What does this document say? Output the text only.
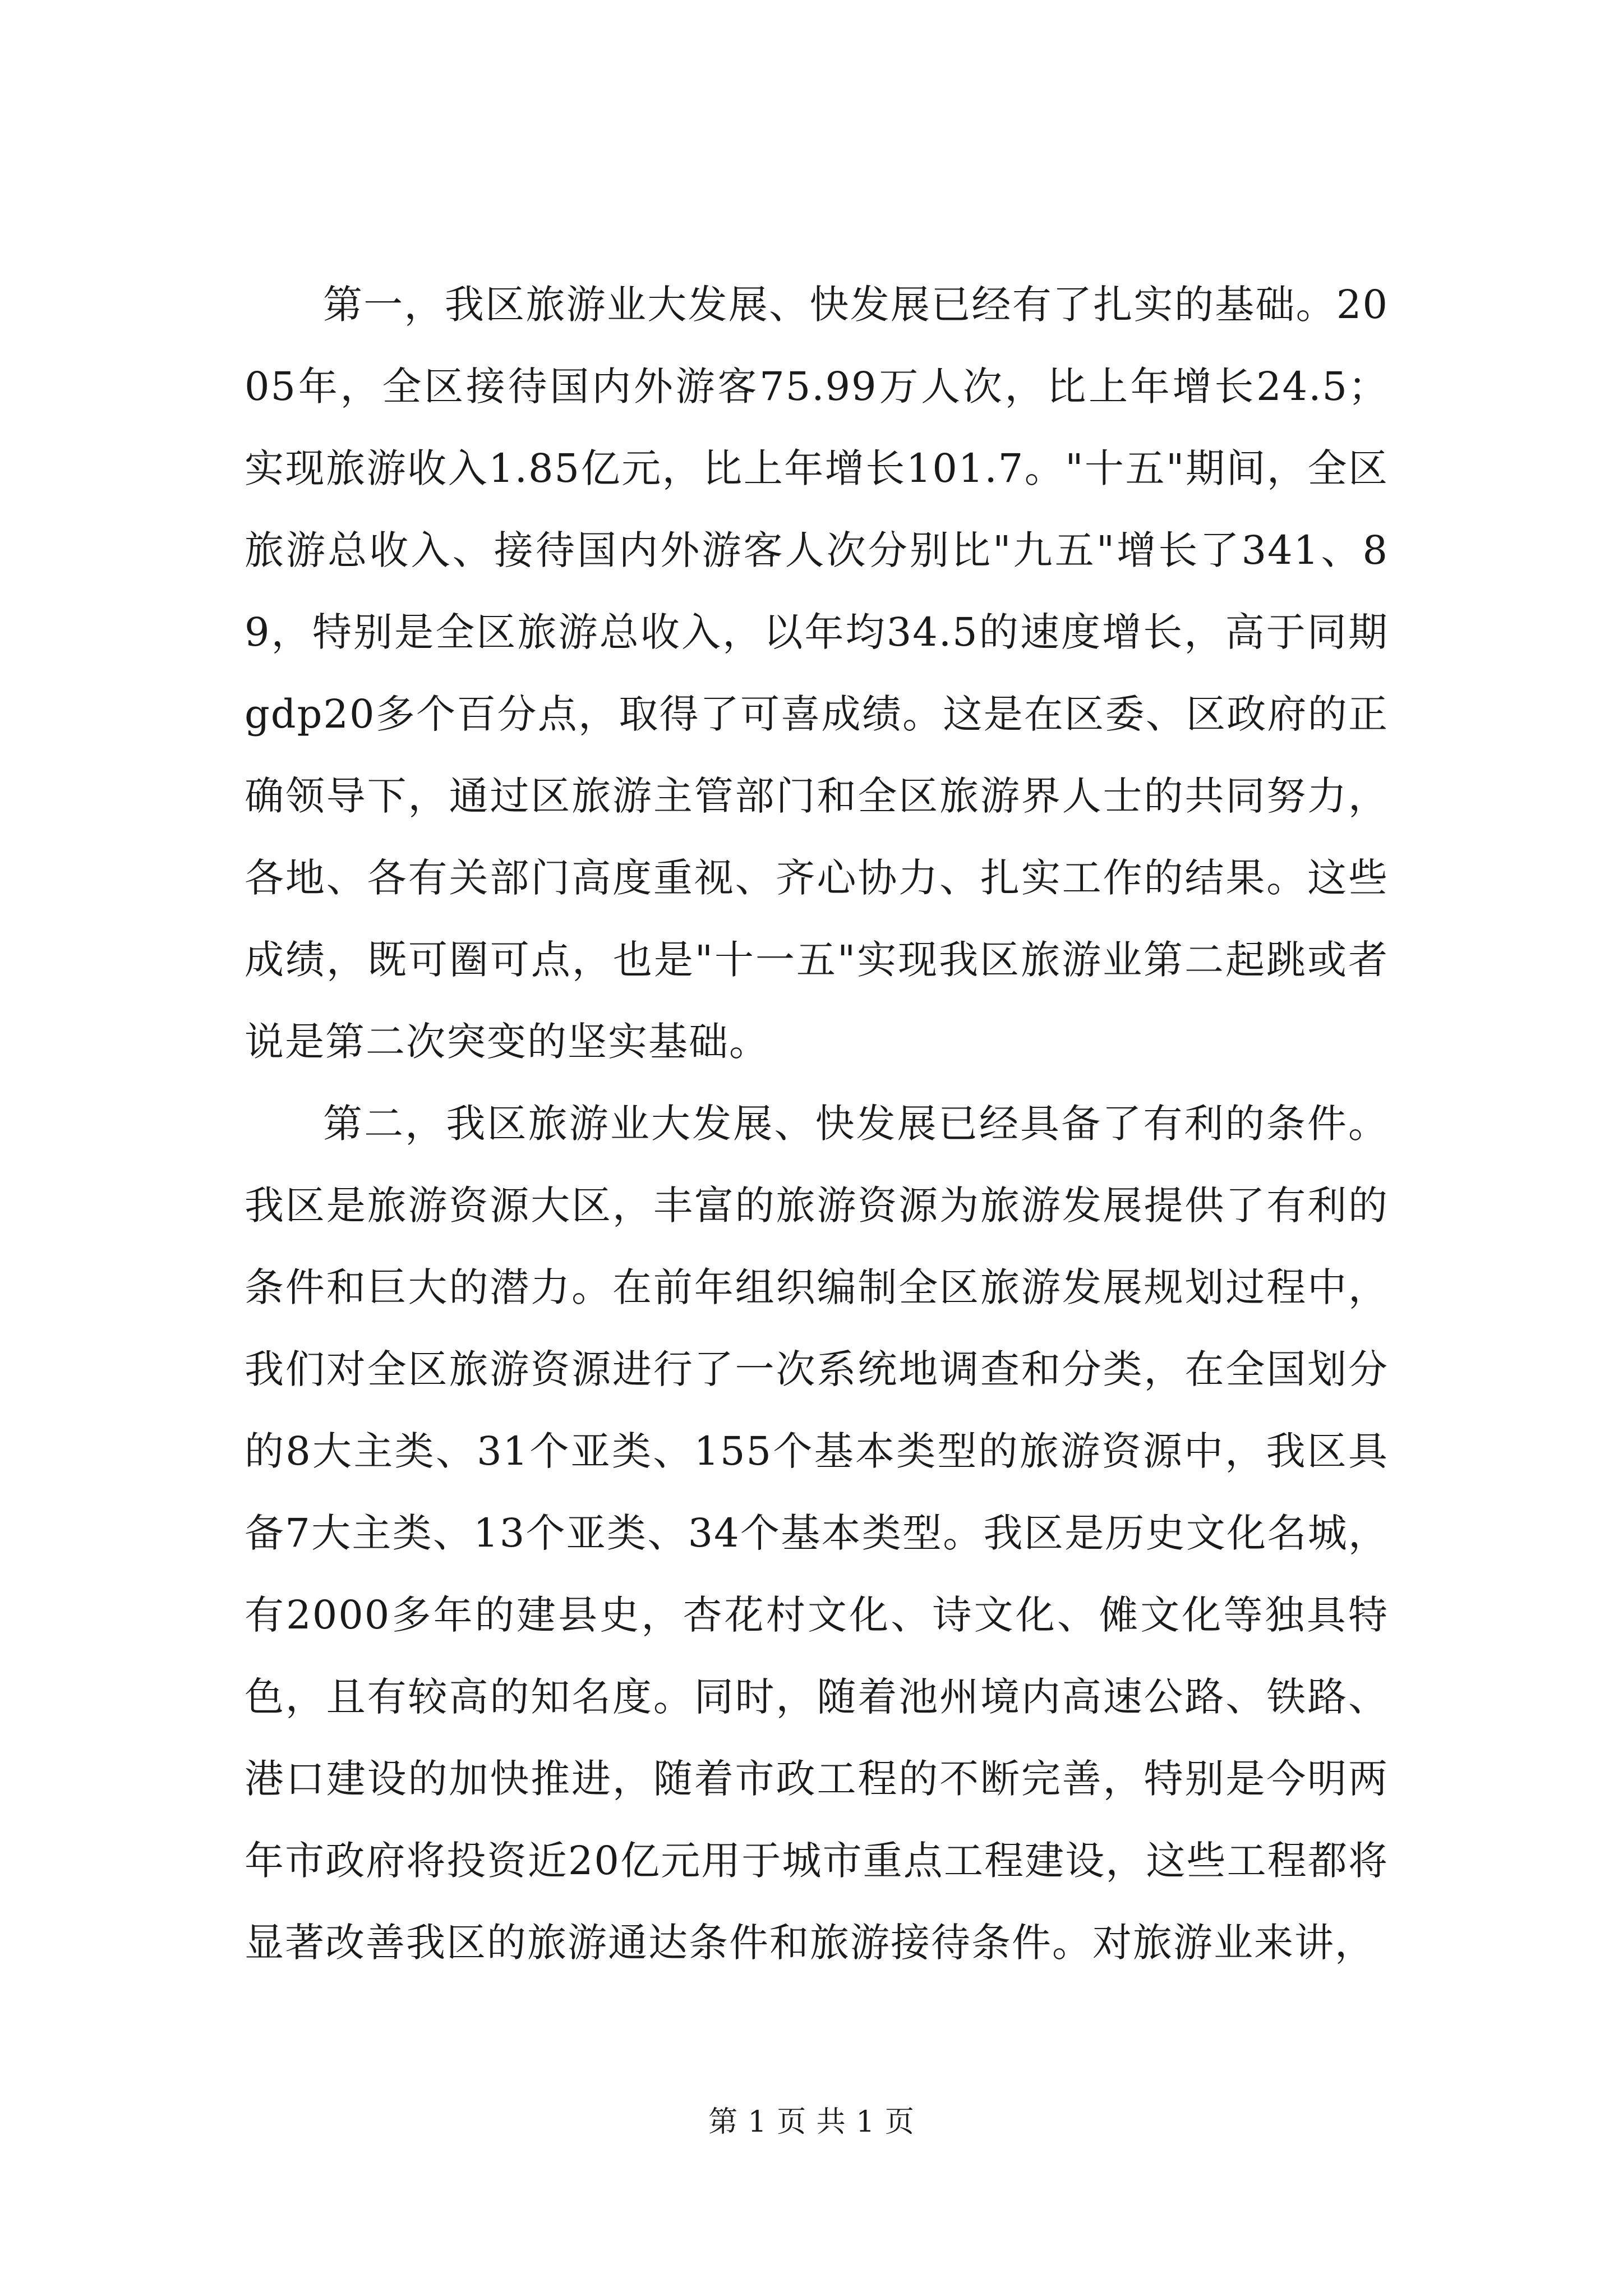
第一，我区旅游业大发展、快发展已经有了扎实的基础。2005年，全区接待国内外游客75.99万人次，比上年增长24.5；实现旅游收入1.85亿元，比上年增长101.7。"十五"期间，全区旅游总收入、接待国内外游客人次分别比"九五"增长了341、89，特别是全区旅游总收入，以年均34.5的速度增长，高于同期gdp20多个百分点，取得了可喜成绩。这是在区委、区政府的正确领导下，通过区旅游主管部门和全区旅游界人士的共同努力，各地、各有关部门高度重视、齐心协力、扎实工作的结果。这些成绩，既可圈可点，也是"十一五"实现我区旅游业第二起跳或者说是第二次突变的坚实基础。

第二，我区旅游业大发展、快发展已经具备了有利的条件。我区是旅游资源大区，丰富的旅游资源为旅游发展提供了有利的条件和巨大的潜力。在前年组织编制全区旅游发展规划过程中，我们对全区旅游资源进行了一次系统地调查和分类，在全国划分的8大主类、31个亚类、155个基本类型的旅游资源中，我区具备7大主类、13个亚类、34个基本类型。我区是历史文化名城，有2000多年的建县史，杏花村文化、诗文化、傩文化等独具特色，且有较高的知名度。同时，随着池州境内高速公路、铁路、港口建设的加快推进，随着市政工程的不断完善，特别是今明两年市政府将投资近20亿元用于城市重点工程建设，这些工程都将显著改善我区的旅游通达条件和旅游接待条件。对旅游业来讲，

第 1 页 共 1 页
